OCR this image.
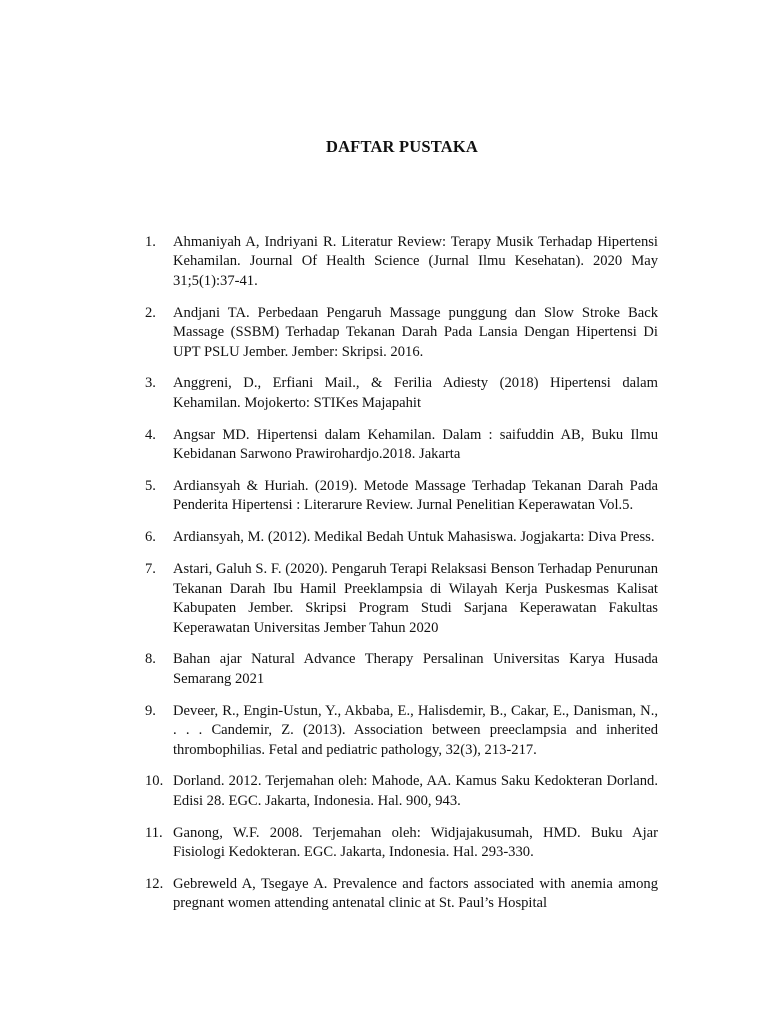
DAFTAR PUSTAKA
1. Ahmaniyah A, Indriyani R. Literatur Review: Terapy Musik Terhadap Hipertensi Kehamilan. Journal Of Health Science (Jurnal Ilmu Kesehatan). 2020 May 31;5(1):37-41.
2. Andjani TA. Perbedaan Pengaruh Massage punggung dan Slow Stroke Back Massage (SSBM) Terhadap Tekanan Darah Pada Lansia Dengan Hipertensi Di UPT PSLU Jember. Jember: Skripsi. 2016.
3. Anggreni, D., Erfiani Mail., & Ferilia Adiesty (2018) Hipertensi dalam Kehamilan. Mojokerto: STIKes Majapahit
4. Angsar MD. Hipertensi dalam Kehamilan. Dalam : saifuddin AB, Buku Ilmu Kebidanan Sarwono Prawirohardjo.2018. Jakarta
5. Ardiansyah & Huriah. (2019). Metode Massage Terhadap Tekanan Darah Pada Penderita Hipertensi : Literarure Review. Jurnal Penelitian Keperawatan Vol.5.
6. Ardiansyah, M. (2012). Medikal Bedah Untuk Mahasiswa. Jogjakarta: Diva Press.
7. Astari, Galuh S. F. (2020). Pengaruh Terapi Relaksasi Benson Terhadap Penurunan Tekanan Darah Ibu Hamil Preeklampsia di Wilayah Kerja Puskesmas Kalisat Kabupaten Jember. Skripsi Program Studi Sarjana Keperawatan Fakultas Keperawatan Universitas Jember Tahun 2020
8. Bahan ajar Natural Advance Therapy Persalinan Universitas Karya Husada Semarang 2021
9. Deveer, R., Engin-Ustun, Y., Akbaba, E., Halisdemir, B., Cakar, E., Danisman, N., . . . Candemir, Z. (2013). Association between preeclampsia and inherited thrombophilias. Fetal and pediatric pathology, 32(3), 213-217.
10. Dorland. 2012. Terjemahan oleh: Mahode, AA. Kamus Saku Kedokteran Dorland. Edisi 28. EGC. Jakarta, Indonesia. Hal. 900, 943.
11. Ganong, W.F. 2008. Terjemahan oleh: Widjajakusumah, HMD. Buku Ajar Fisiologi Kedokteran. EGC. Jakarta, Indonesia. Hal. 293-330.
12. Gebreweld A, Tsegaye A. Prevalence and factors associated with anemia among pregnant women attending antenatal clinic at St. Paul’s Hospital
